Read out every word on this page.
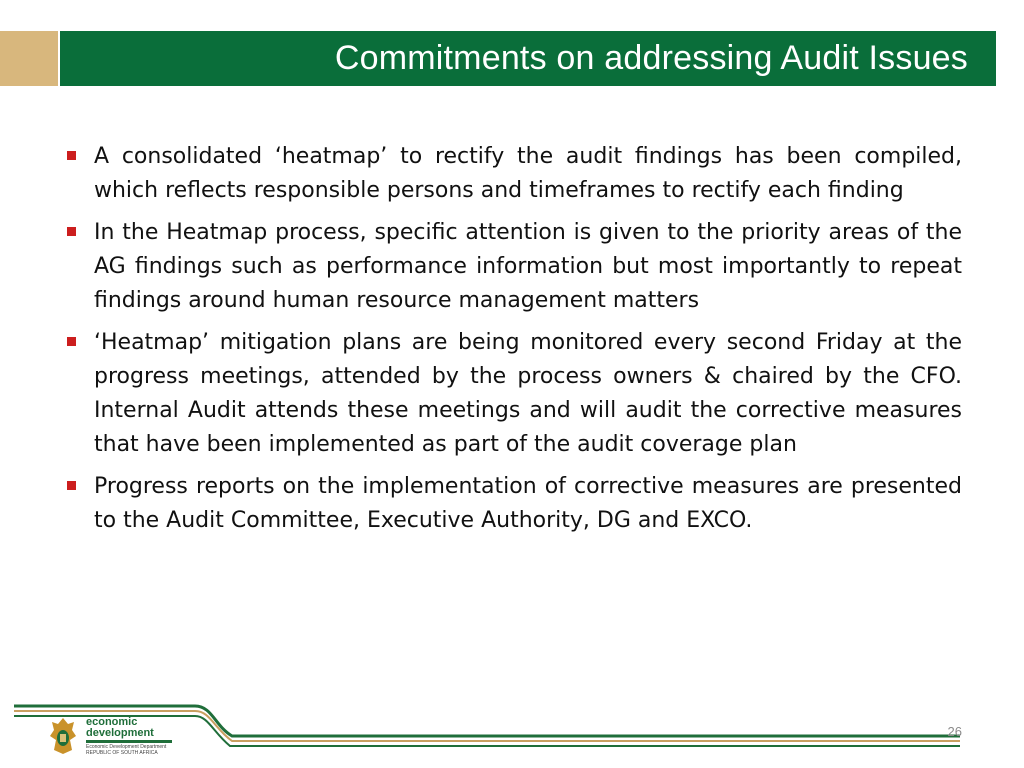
Commitments on addressing Audit Issues
A consolidated ‘heatmap’ to rectify the audit findings has been compiled, which reflects responsible persons and timeframes to rectify each finding
In the Heatmap process, specific attention is given to the priority areas of the AG findings such as performance information but most importantly to repeat findings around human resource management matters
‘Heatmap’ mitigation plans are being monitored every second Friday at the progress meetings, attended by the process owners & chaired by the CFO. Internal Audit attends these meetings and will audit the corrective measures that have been implemented as part of the audit coverage plan
Progress reports on the implementation of corrective measures are presented to the Audit Committee, Executive Authority, DG and EXCO.
economic
development
Economic Development Department
REPUBLIC OF SOUTH AFRICA
26
